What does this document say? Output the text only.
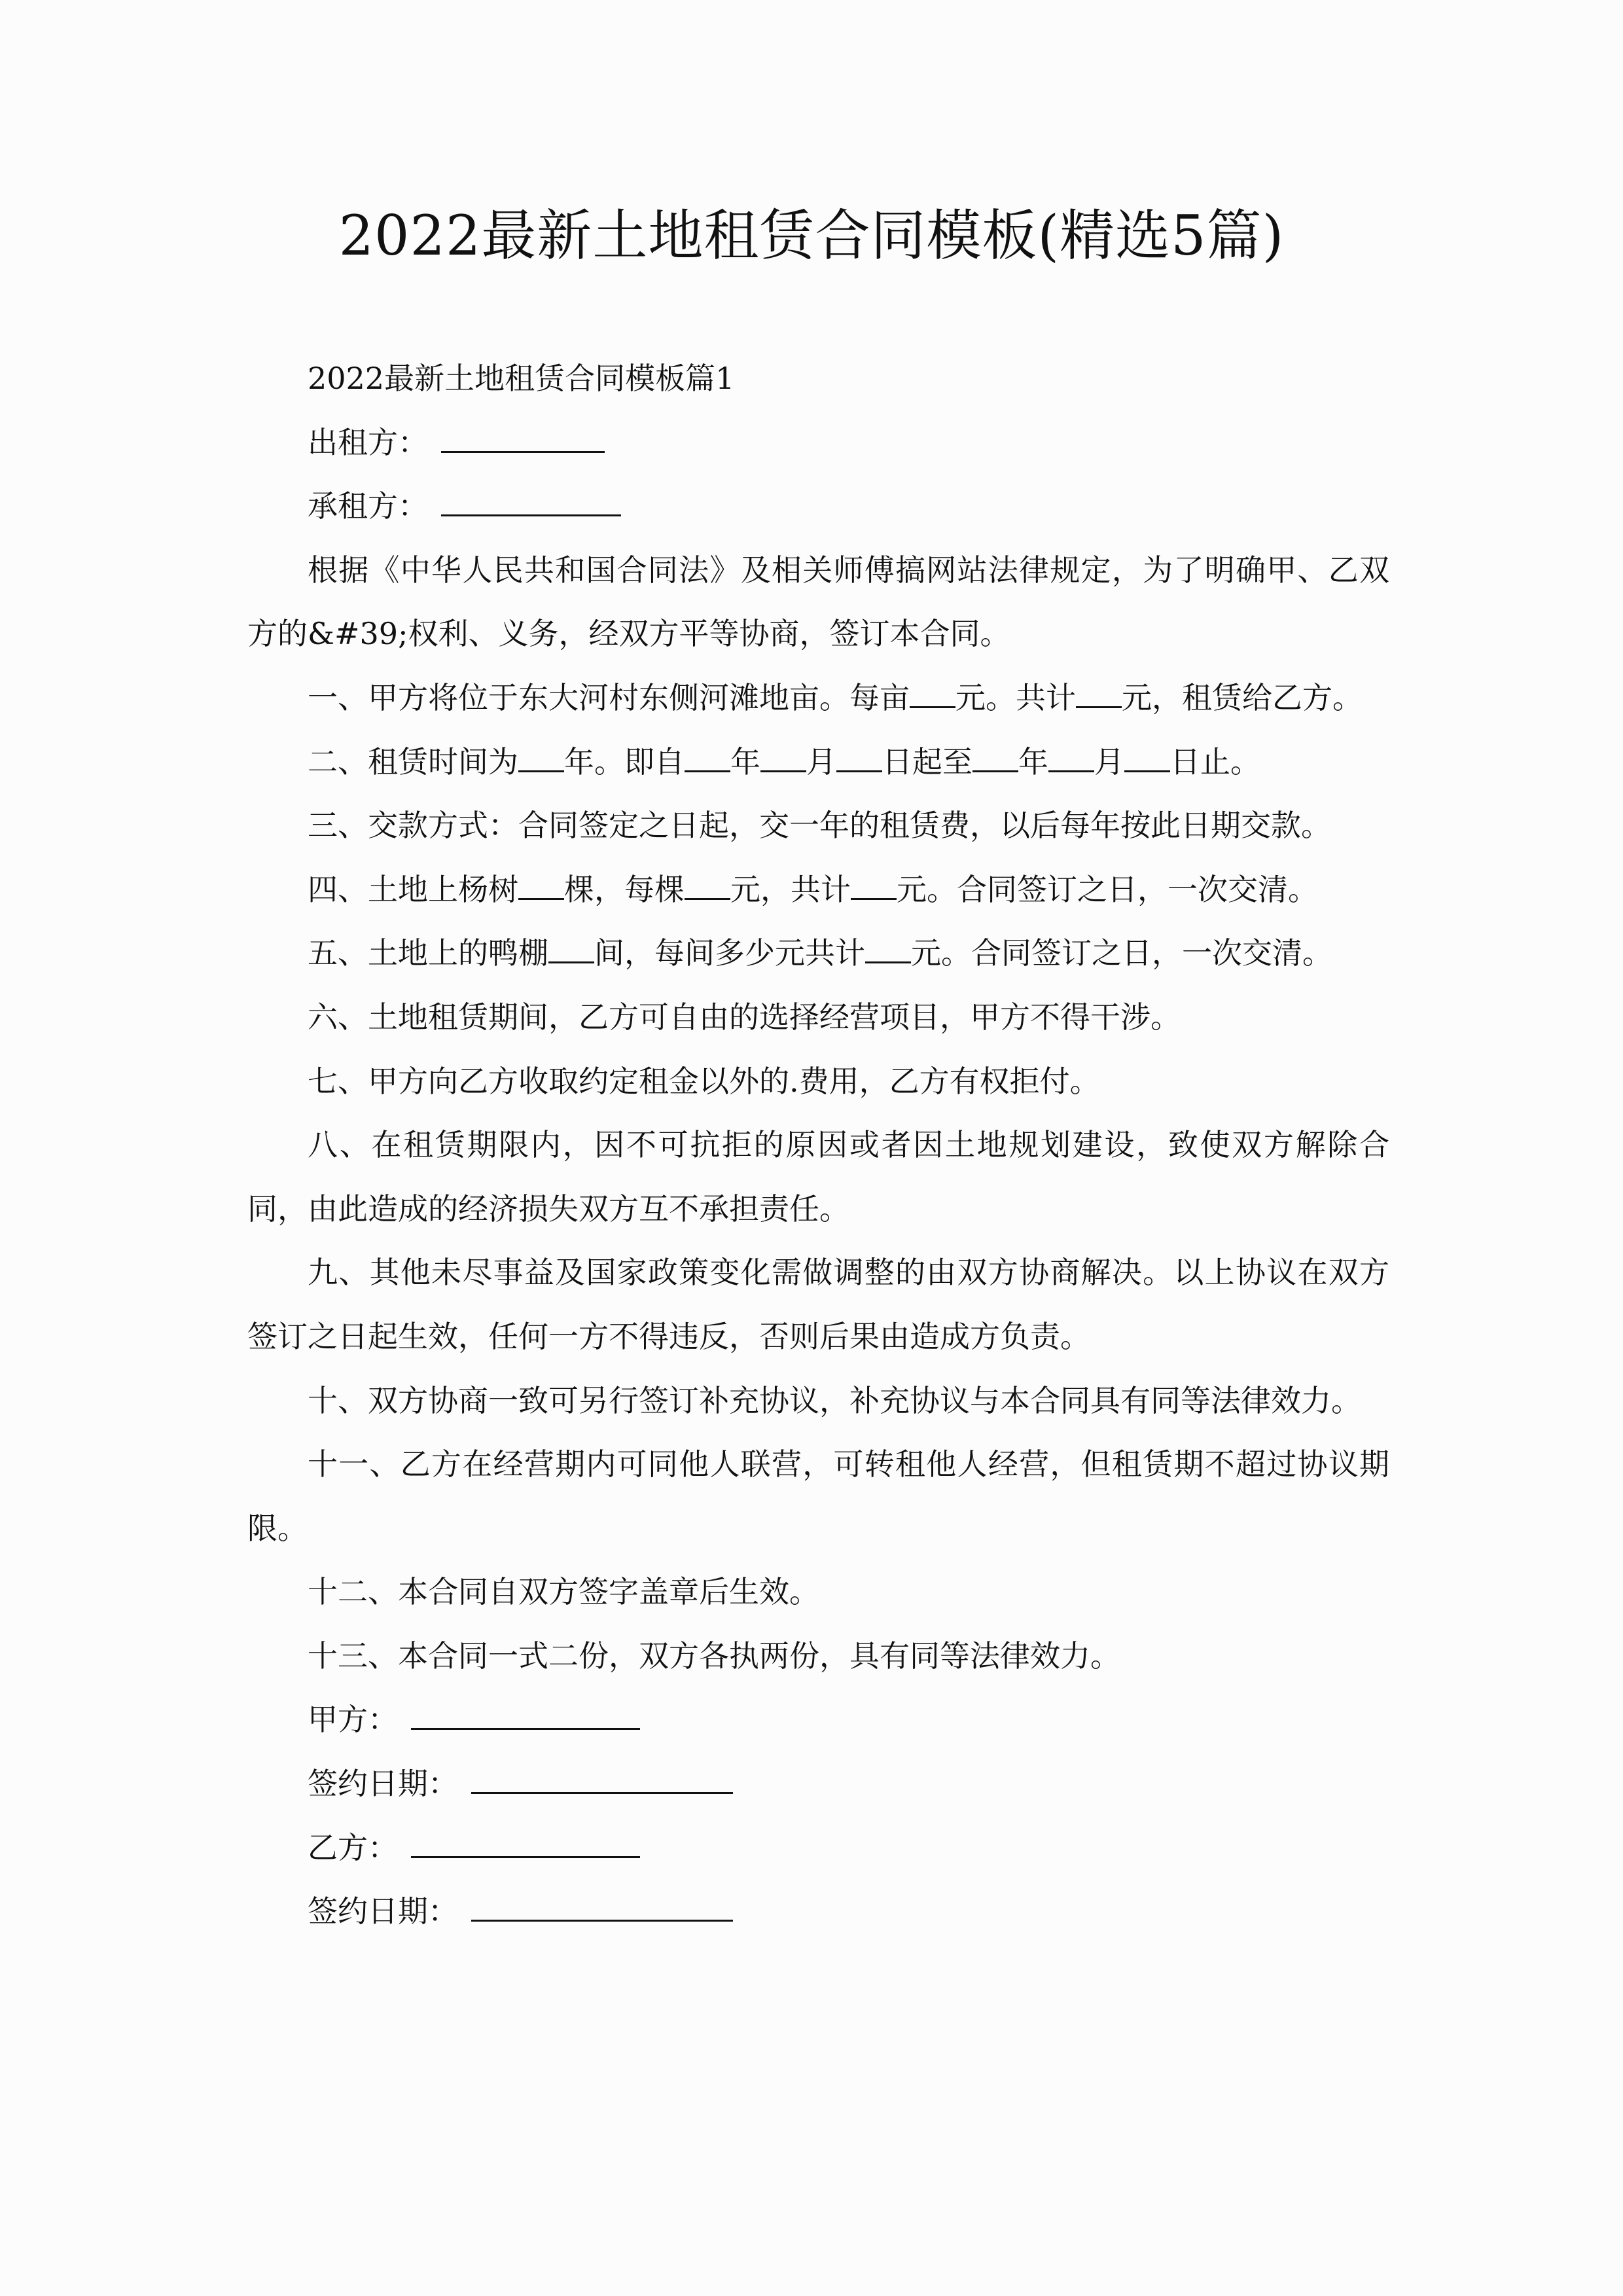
2022最新土地租赁合同模板(精选5篇)

2022最新土地租赁合同模板篇1

出租方：

承租方：

根据《中华人民共和国合同法》及相关师傅搞网站法律规定，为了明确甲、乙双方的&#39;权利、义务，经双方平等协商，签订本合同。

一、甲方将位于东大河村东侧河滩地亩。每亩 元。共计 元，租赁给乙方。

二、租赁时间为 年。即自 年 月 日起至 年 月 日止。

三、交款方式：合同签定之日起，交一年的租赁费，以后每年按此日期交款。

四、土地上杨树 棵，每棵 元，共计 元。合同签订之日，一次交清。

五、土地上的鸭棚 间，每间多少元共计 元。合同签订之日，一次交清。

六、土地租赁期间，乙方可自由的选择经营项目，甲方不得干涉。

七、甲方向乙方收取约定租金以外的.费用，乙方有权拒付。

八、在租赁期限内，因不可抗拒的原因或者因土地规划建设，致使双方解除合同，由此造成的经济损失双方互不承担责任。

九、其他未尽事益及国家政策变化需做调整的由双方协商解决。以上协议在双方签订之日起生效，任何一方不得违反，否则后果由造成方负责。

十、双方协商一致可另行签订补充协议，补充协议与本合同具有同等法律效力。

十一、乙方在经营期内可同他人联营，可转租他人经营，但租赁期不超过协议期限。

十二、本合同自双方签字盖章后生效。

十三、本合同一式二份，双方各执两份，具有同等法律效力。

甲方：

签约日期：

乙方：

签约日期：
